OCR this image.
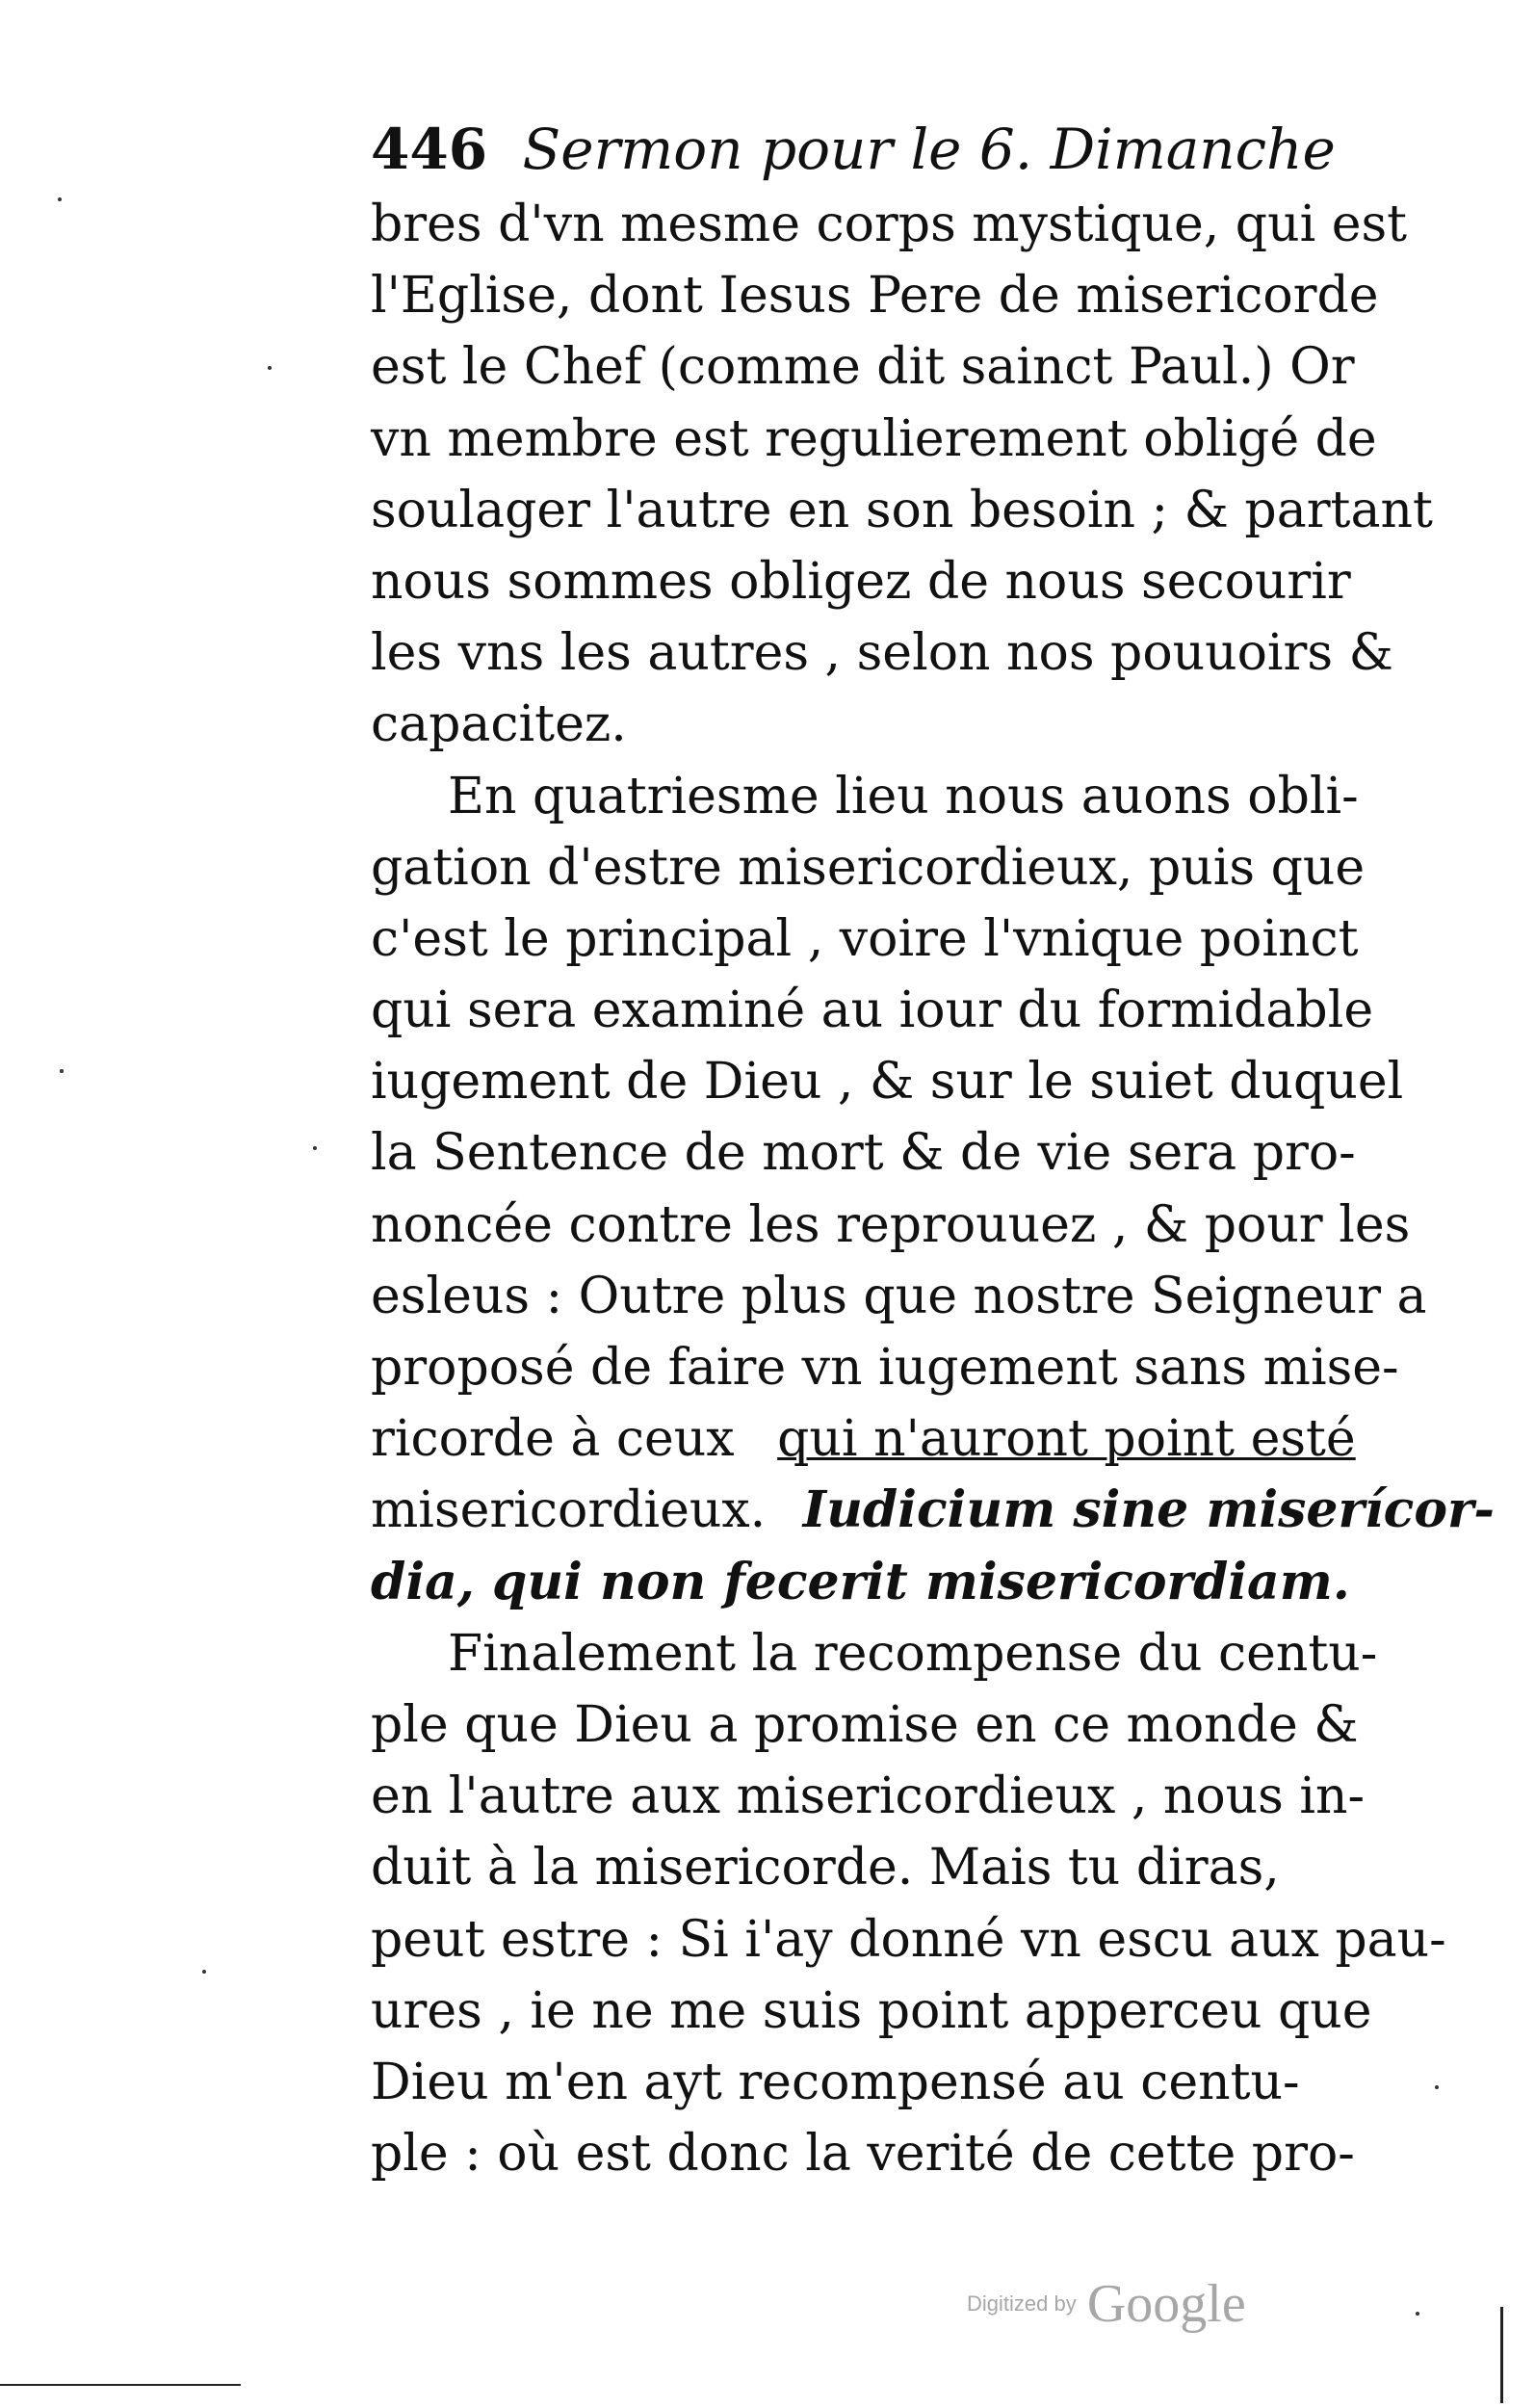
446 Sermon pour le 6. Dimanche
bres d'vn mesme corps mystique, qui est
l'Eglise, dont Iesus Pere de misericorde
est le Chef (comme dit sainct Paul.) Or
vn membre est regulierement obligé de
soulager l'autre en son besoin ; & partant
nous sommes obligez de nous secourir
les vns les autres , selon nos pouuoirs &
capacitez.
En quatriesme lieu nous auons obli-
gation d'estre misericordieux, puis que
c'est le principal , voire l'vnique poinct
qui sera examiné au iour du formidable
iugement de Dieu , & sur le suiet duquel
la Sentence de mort & de vie sera pro-
noncée contre les reprouuez , & pour les
esleus : Outre plus que nostre Seigneur a
proposé de faire vn iugement sans mise-
ricorde à ceux qui n'auront point esté
misericordieux. Iudicium sine miserícor-
dia, qui non fecerit misericordiam.
Finalement la recompense du centu-
ple que Dieu a promise en ce monde &
en l'autre aux misericordieux , nous in-
duit à la misericorde. Mais tu diras,
peut estre : Si i'ay donné vn escu aux pau-
ures , ie ne me suis point apperceu que
Dieu m'en ayt recompensé au centu-
ple : où est donc la verité de cette pro-
Digitized by Google
